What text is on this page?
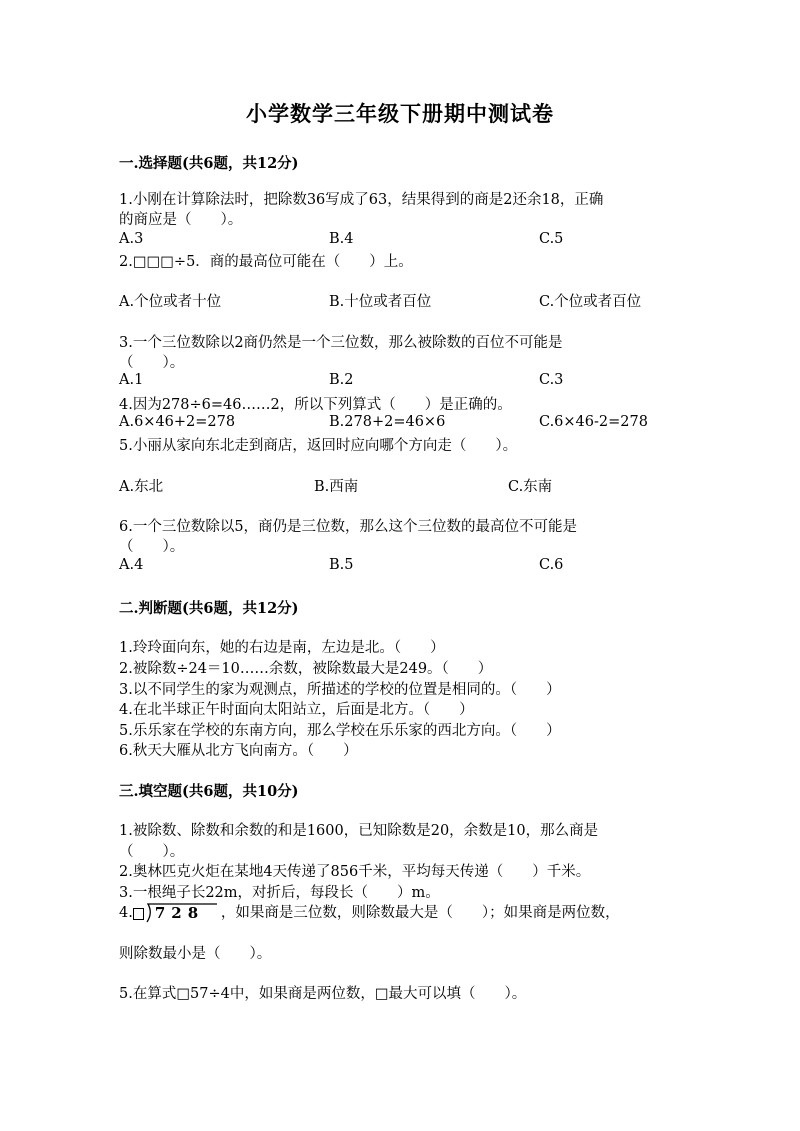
小学数学三年级下册期中测试卷
一.选择题(共6题，共12分)
1.小刚在计算除法时，把除数36写成了63，结果得到的商是2还余18，正确
的商应是（　　）。
A.3	B.4	C.5
2.□□□÷5．商的最高位可能在（　　）上。
A.个位或者十位	B.十位或者百位	C.个位或者百位
3.一个三位数除以2商仍然是一个三位数，那么被除数的百位不可能是
（　　）。
A.1	B.2	C.3
4.因为278÷6=46……2，所以下列算式（　　）是正确的。
A.6×46+2=278	B.278+2=46×6	C.6×46-2=278
5.小丽从家向东北走到商店，返回时应向哪个方向走（　　）。
A.东北	B.西南	C.东南
6.一个三位数除以5，商仍是三位数，那么这个三位数的最高位不可能是
（　　）。
A.4	B.5	C.6
二.判断题(共6题，共12分)
1.玲玲面向东，她的右边是南，左边是北。（　　）
2.被除数÷24＝10……余数，被除数最大是249。（　　）
3.以不同学生的家为观测点，所描述的学校的位置是相同的。（　　）
4.在北半球正午时面向太阳站立，后面是北方。（　　）
5.乐乐家在学校的东南方向，那么学校在乐乐家的西北方向。（　　）
6.秋天大雁从北方飞向南方。（　　）
三.填空题(共6题，共10分)
1.被除数、除数和余数的和是1600，已知除数是20，余数是10，那么商是
（　　）。
2.奥林匹克火炬在某地4天传递了856千米，平均每天传递（　　）千米。
3.一根绳子长22m，对折后，每段长（　　）m。
4. 728 ，如果商是三位数，则除数最大是（　　）；如果商是两位数，
则除数最小是（　　）。
5.在算式□57÷4中，如果商是两位数，□最大可以填（　　）。
